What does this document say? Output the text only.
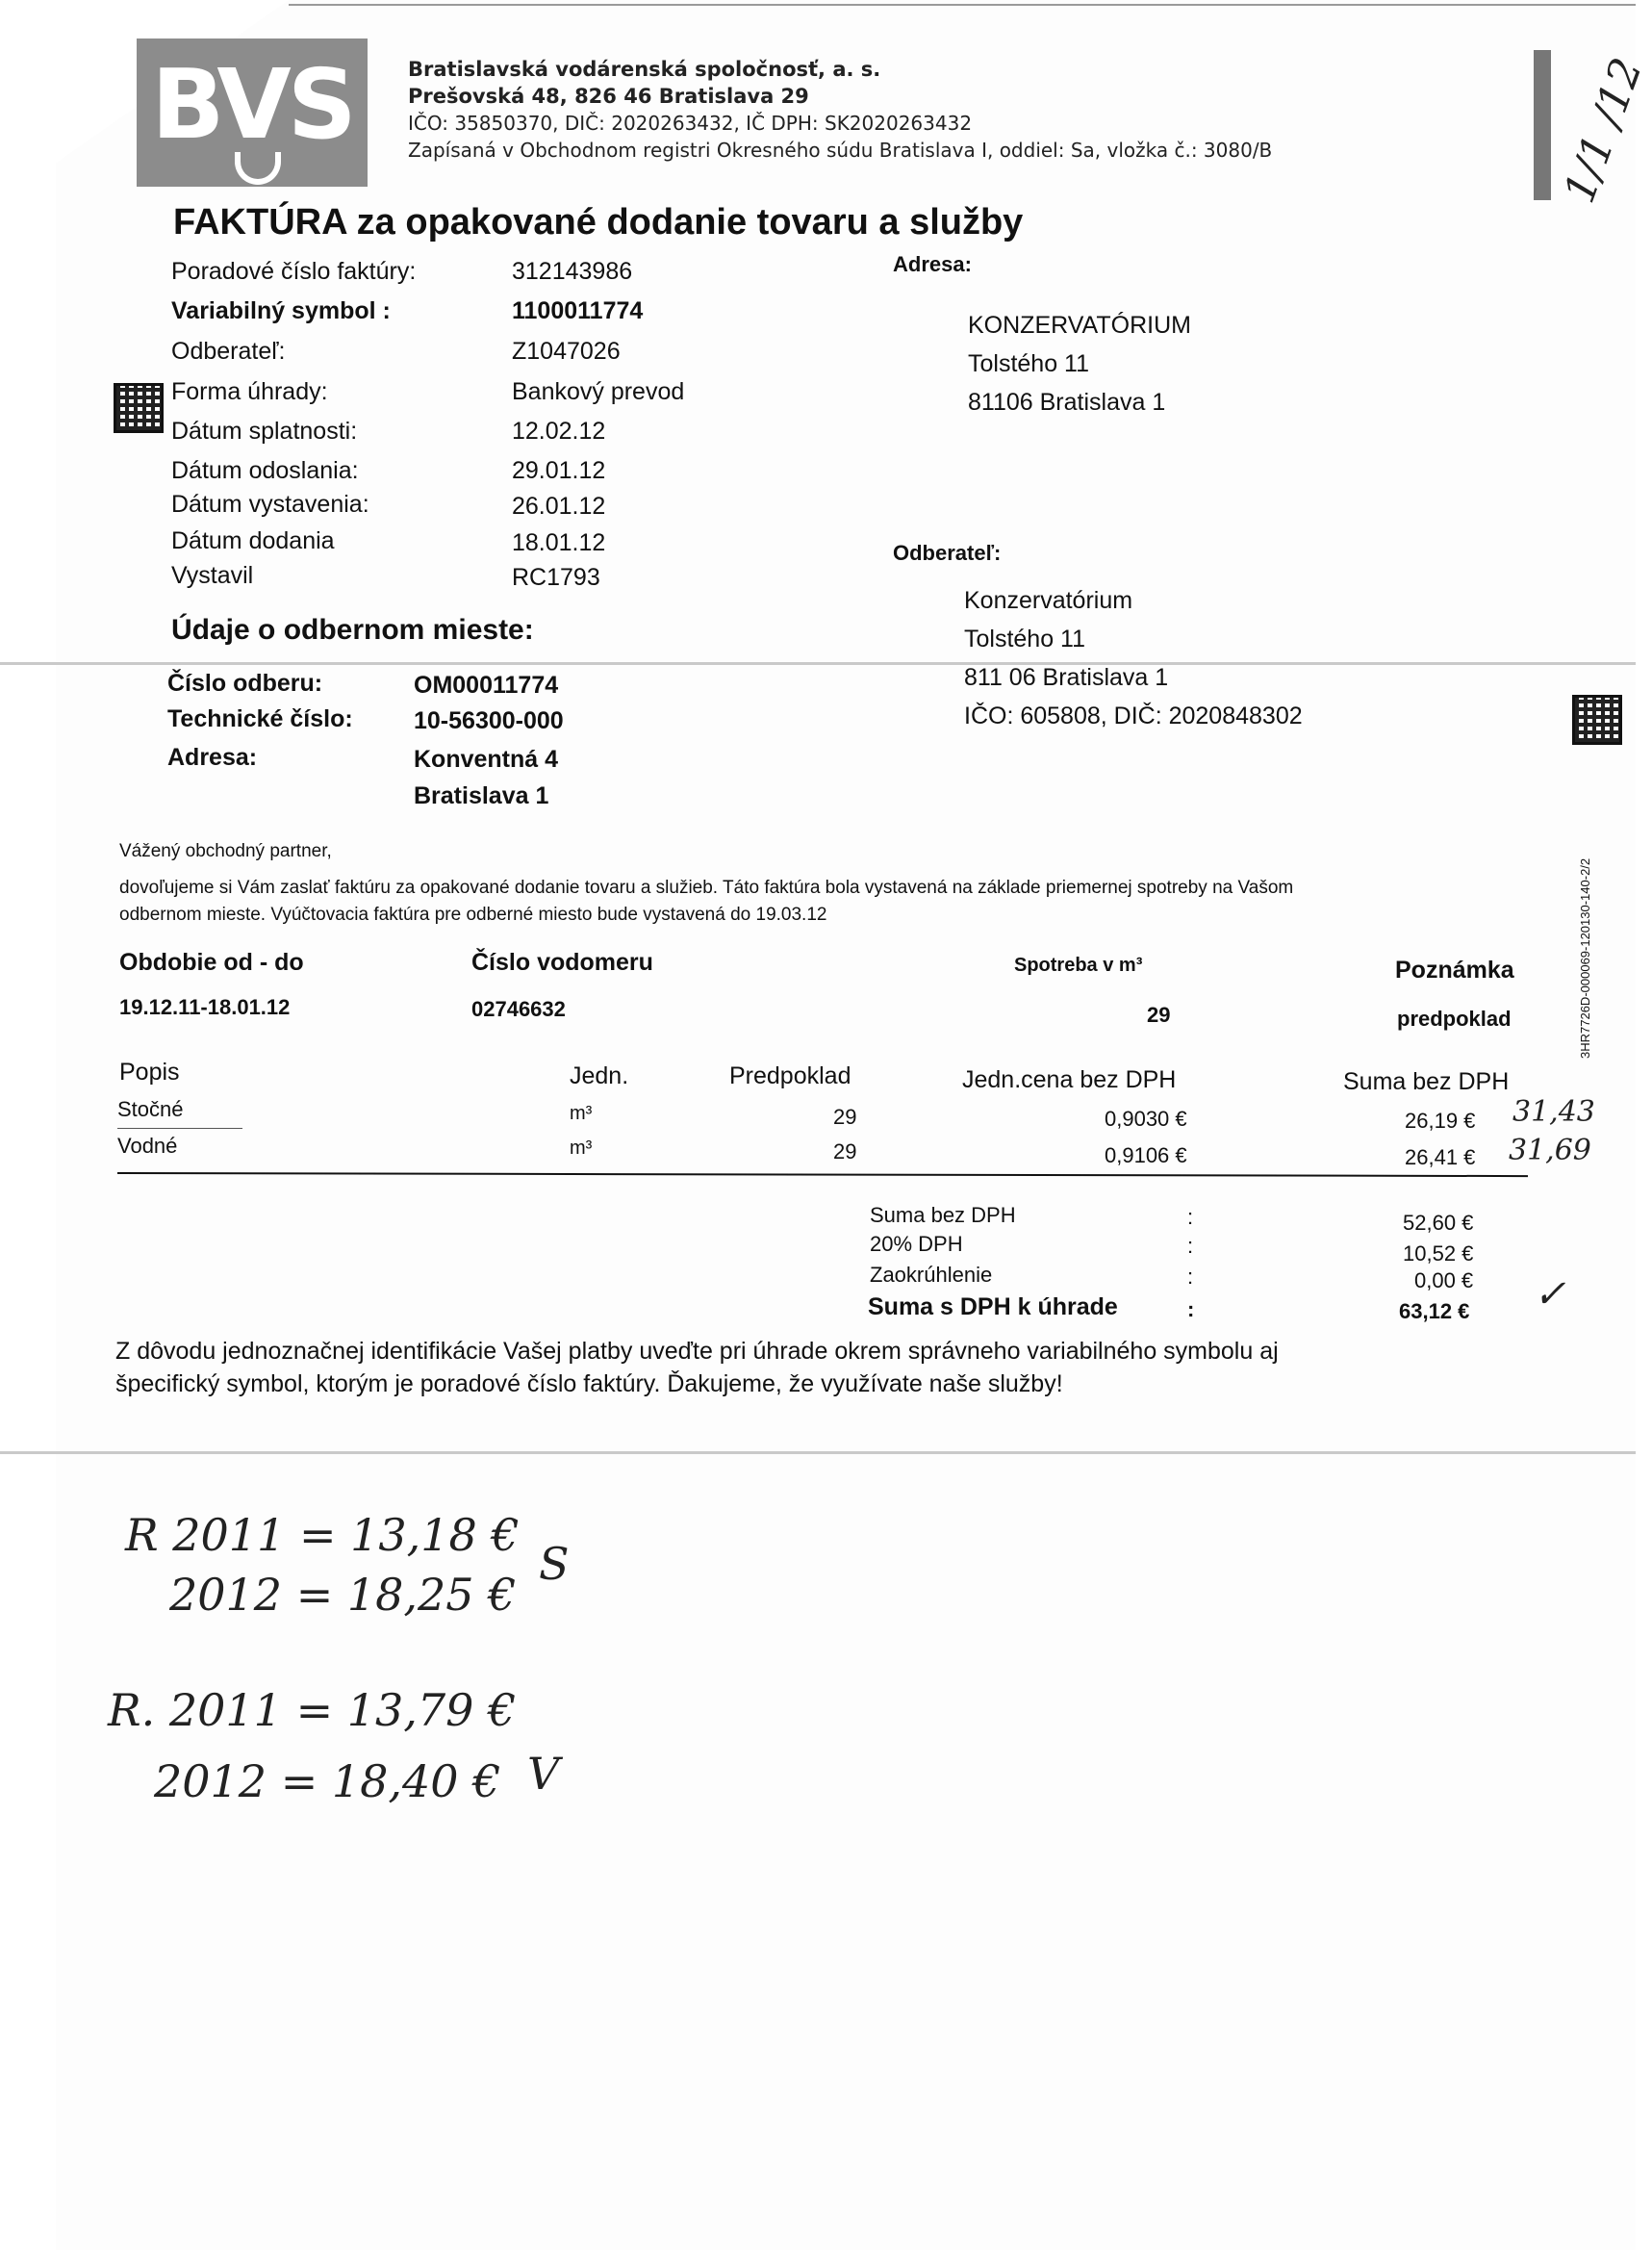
BVS	Bratislavská vodárenská spoločnosť, a. s.
Prešovská 48, 826 46 Bratislava 29
IČO: 35850370, DIČ: 2020263432, IČ DPH: SK2020263432
Zapísaná v Obchodnom registri Okresného súdu Bratislava I, oddiel: Sa, vložka č.: 3080/B	1/1 /12
FAKTÚRA za opakované dodanie tovaru a služby
Poradové číslo faktúry:	312143986
Variabilný symbol :	1100011774
Odberateľ:	Z1047026
Forma úhrady:	Bankový prevod
Dátum splatnosti:	12.02.12
Dátum odoslania:	29.01.12
Dátum vystavenia:	26.01.12
Dátum dodania	18.01.12
Vystavil	RC1793
Adresa:
KONZERVATÓRIUM
Tolstého 11
81106 Bratislava 1
Odberateľ:
Konzervatórium
Tolstého 11
811 06 Bratislava 1
IČO: 605808, DIČ: 2020848302
Údaje o odbernom mieste:
Číslo odberu:	OM00011774
Technické číslo:	10-56300-000
Adresa:	Konventná 4
Bratislava 1
Vážený obchodný partner,
dovoľujeme si Vám zaslať faktúru za opakované dodanie tovaru a služieb. Táto faktúra bola vystavená na základe priemernej spotreby na Vašom
odbernom mieste. Vyúčtovacia faktúra pre odberné miesto bude vystavená do 19.03.12
Obdobie od - do	Číslo vodomeru	Spotreba v m³	Poznámka
19.12.11-18.01.12	02746632	29	predpoklad
Popis	Jedn.	Predpoklad	Jedn.cena bez DPH	Suma bez DPH
Stočné	m³	29	0,9030 €	26,19 € 31,43
Vodné	m³	29	0,9106 €	26,41 € 31,69
Suma bez DPH	:	52,60 €
20% DPH	:	10,52 €
Zaokrúhlenie	:	0,00 €
Suma s DPH k úhrade	:	63,12 € ✓
Z dôvodu jednoznačnej identifikácie Vašej platby uveďte pri úhrade okrem správneho variabilného symbolu aj
špecifický symbol, ktorým je poradové číslo faktúry. Ďakujeme, že využívate naše služby!
3HR7726D-000069-120130-140-2/2
R 2011 = 13,18 €
2012 = 18,25 €
S
R. 2011 = 13,79 €
2012 = 18,40 € V
